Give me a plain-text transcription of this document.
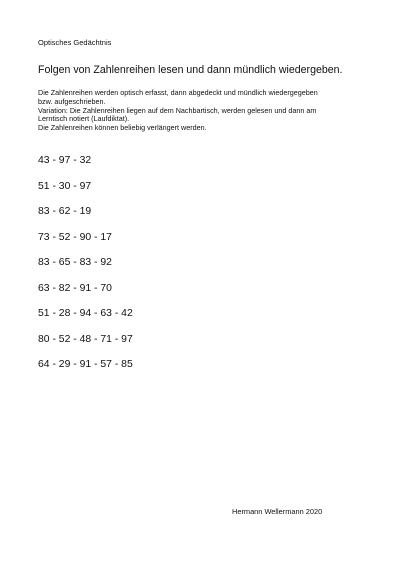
Optisches Gedächtnis
Folgen von Zahlenreihen lesen und dann mündlich wiedergeben.
Die Zahlenreihen werden optisch erfasst, dann abgedeckt und mündlich wiedergegeben
bzw. aufgeschrieben.
Variation: Die Zahlenreihen liegen auf dem Nachbartisch, werden gelesen und dann am
Lerntisch notiert (Laufdiktat).
Die Zahlenreihen können beliebig verlängert werden.
43 - 97 - 32
51 - 30 - 97
83 - 62 - 19
73 - 52 - 90 - 17
83 - 65 - 83 - 92
63 - 82 - 91 - 70
51 - 28 - 94 - 63 - 42
80 - 52 - 48 - 71 - 97
64 - 29 - 91 - 57 - 85
Hermann Wellermann 2020
